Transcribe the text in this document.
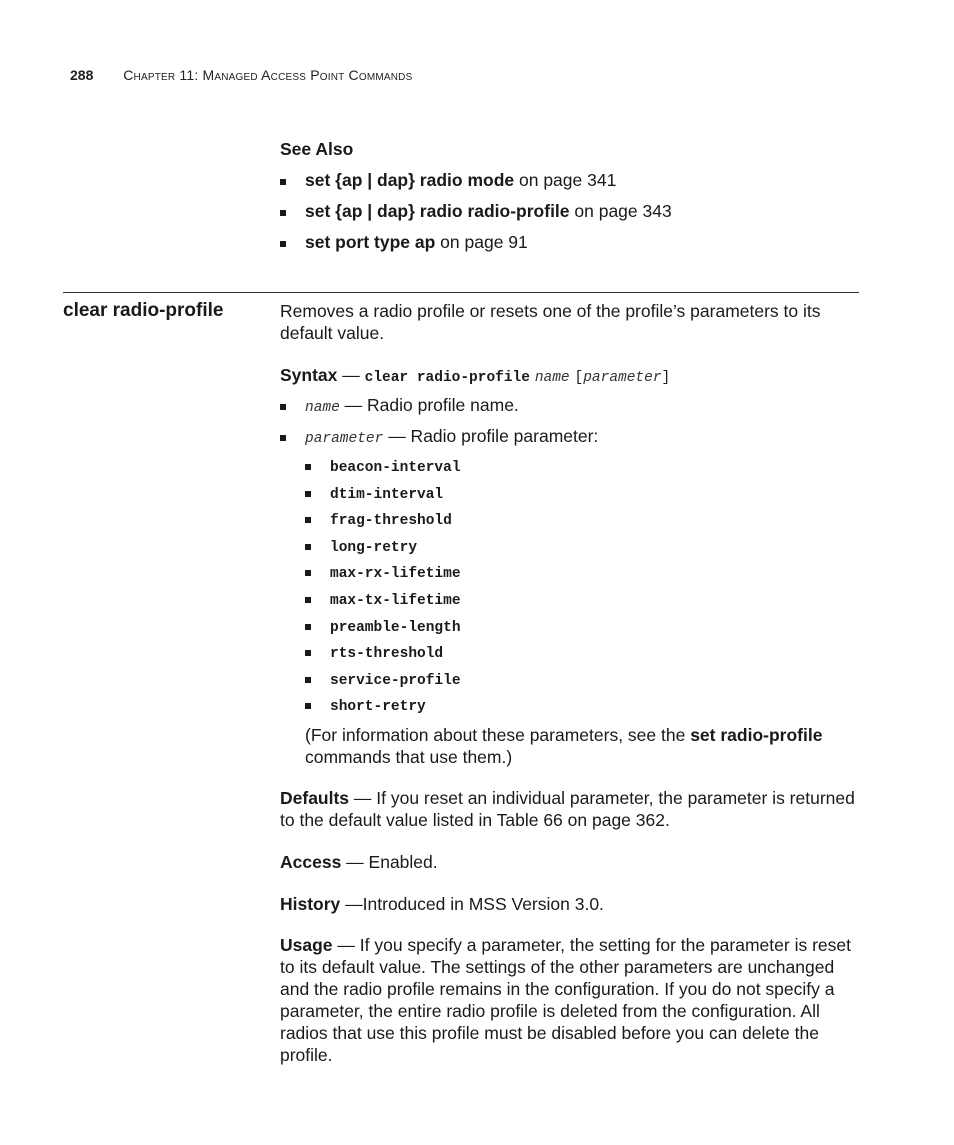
288 Chapter 11: Managed Access Point Commands
See Also
set {ap | dap} radio mode on page 341
set {ap | dap} radio radio-profile on page 343
set port type ap on page 91
clear radio-profile	Removes a radio profile or resets one of the profile’s parameters to its default value.

Syntax — clear radio-profile name [parameter]

name — Radio profile name.
parameter — Radio profile parameter:
beacon-interval
dtim-interval
frag-threshold
long-retry
max-rx-lifetime
max-tx-lifetime
preamble-length
rts-threshold
service-profile
short-retry

(For information about these parameters, see the set radio-profile commands that use them.)

Defaults — If you reset an individual parameter, the parameter is returned to the default value listed in Table 66 on page 362.

Access — Enabled.

History —Introduced in MSS Version 3.0.

Usage — If you specify a parameter, the setting for the parameter is reset to its default value. The settings of the other parameters are unchanged and the radio profile remains in the configuration. If you do not specify a parameter, the entire radio profile is deleted from the configuration. All radios that use this profile must be disabled before you can delete the profile.
